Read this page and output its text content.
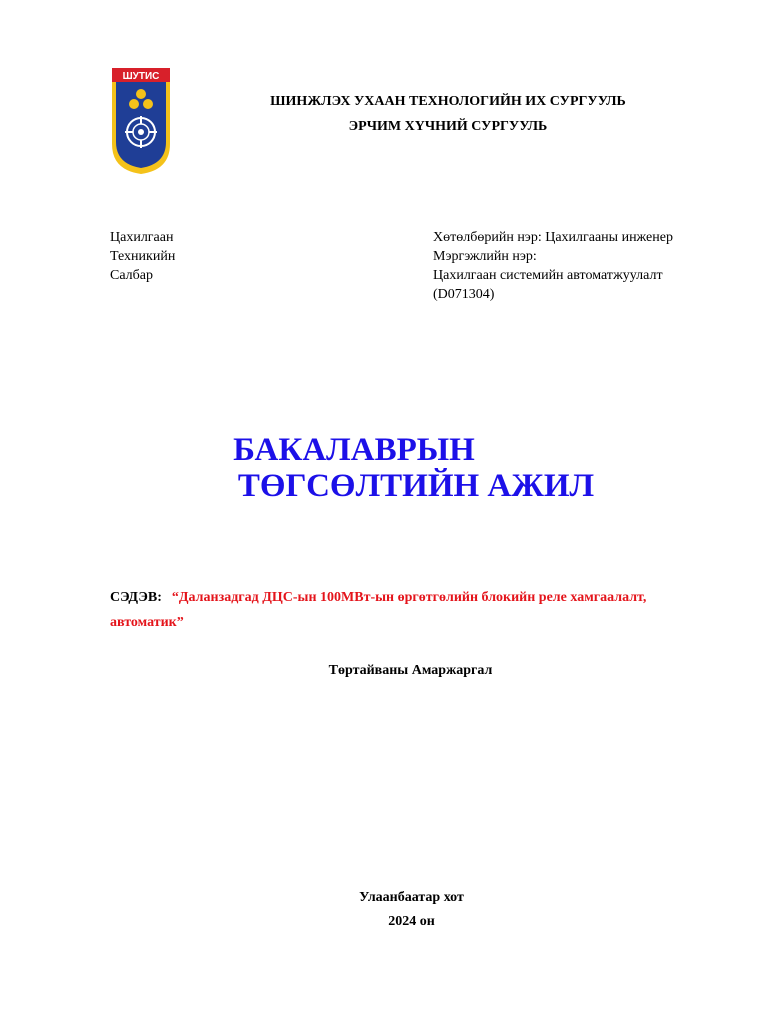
ШУТИС
ШИНЖЛЭХ УХААН ТЕХНОЛОГИЙН ИХ СУРГУУЛЬ
ЭРЧИМ ХҮЧНИЙ СУРГУУЛЬ
Цахилгаан
Техникийн
Салбар
Хөтөлбөрийн нэр: Цахилгааны инженер
Мэргэжлийн нэр:
Цахилгаан системийн автоматжуулалт
(D071304)
БАКАЛАВРЫН
ТӨГСӨЛТИЙН АЖИЛ
СЭДЭВ: “Даланзадгад ДЦС-ын 100МВт-ын өргөтгөлийн блокийн реле хамгаалалт, автоматик”
Төртайваны Амаржаргал
Улаанбаатар хот
2024 он
